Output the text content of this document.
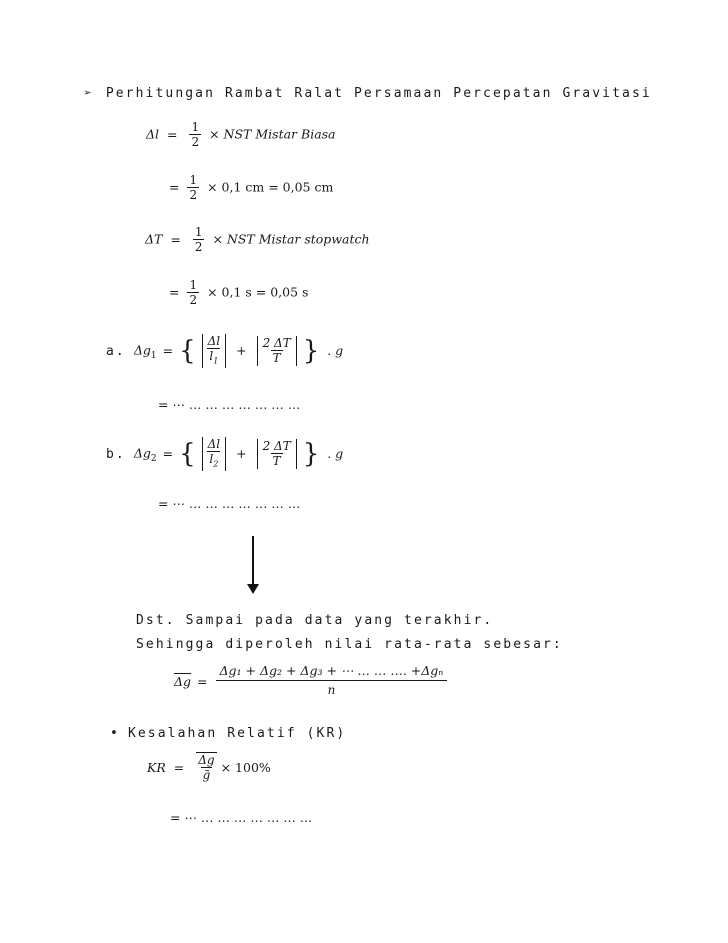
➢ Perhitungan Rambat Ralat Persamaan Percepatan Gravitasi
$\Delta l = \frac{1}{2}$ × NST Mistar Biasa
= $\frac{1}{2} \times 0,1$ cm = 0,05 cm
$\Delta T = \frac{1}{2}$ × NST Mistar stopwatch
= $\frac{1}{2} \times 0,1$ s = 0,05 s
a. $\Delta g_1$ = { $\frac{\Delta l}{l_1} + \frac{2 \Delta T}{T}$ } . g
= ⋯ … … … … … … …
b. $\Delta g_2$ = { $\frac{\Delta l}{l_2} + \frac{2 \Delta T}{T}$ } . g
= ⋯ … … … … … … …
Dst. Sampai pada data yang terakhir.
Sehingga diperoleh nilai rata-rata sebesar:
$\Delta g = \frac{\text{Δg₁ + Δg₂ + Δg₃ + ⋯ … … …. +Δgₙ}}{n}$
• Kesalahan Relatif (KR)
KR = $\frac{\Delta g}{\text{ḡ}} \times 100\%$
= ⋯ … … … … … … …
